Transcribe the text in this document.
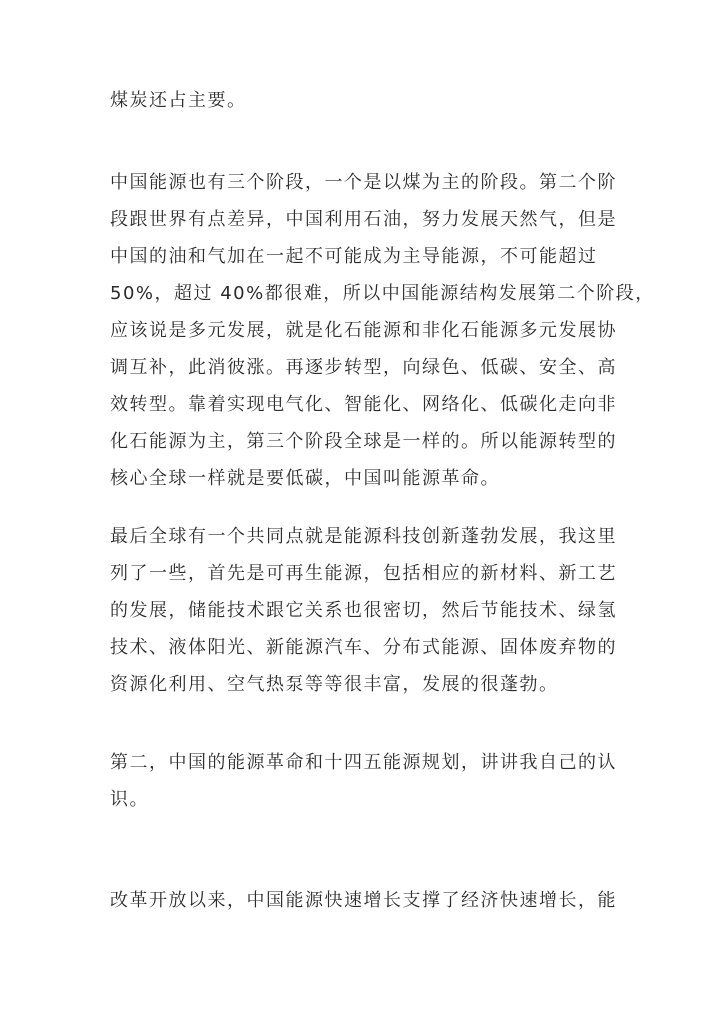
煤炭还占主要。
中国能源也有三个阶段，一个是以煤为主的阶段。第二个阶
段跟世界有点差异，中国利用石油，努力发展天然气，但是
中国的油和气加在一起不可能成为主导能源，不可能超过
50%，超过 40%都很难，所以中国能源结构发展第二个阶段，
应该说是多元发展，就是化石能源和非化石能源多元发展协
调互补，此消彼涨。再逐步转型，向绿色、低碳、安全、高
效转型。靠着实现电气化、智能化、网络化、低碳化走向非
化石能源为主，第三个阶段全球是一样的。所以能源转型的
核心全球一样就是要低碳，中国叫能源革命。
最后全球有一个共同点就是能源科技创新蓬勃发展，我这里
列了一些，首先是可再生能源，包括相应的新材料、新工艺
的发展，储能技术跟它关系也很密切，然后节能技术、绿氢
技术、液体阳光、新能源汽车、分布式能源、固体废弃物的
资源化利用、空气热泵等等很丰富，发展的很蓬勃。
第二，中国的能源革命和十四五能源规划，讲讲我自己的认
识。
改革开放以来，中国能源快速增长支撑了经济快速增长，能
